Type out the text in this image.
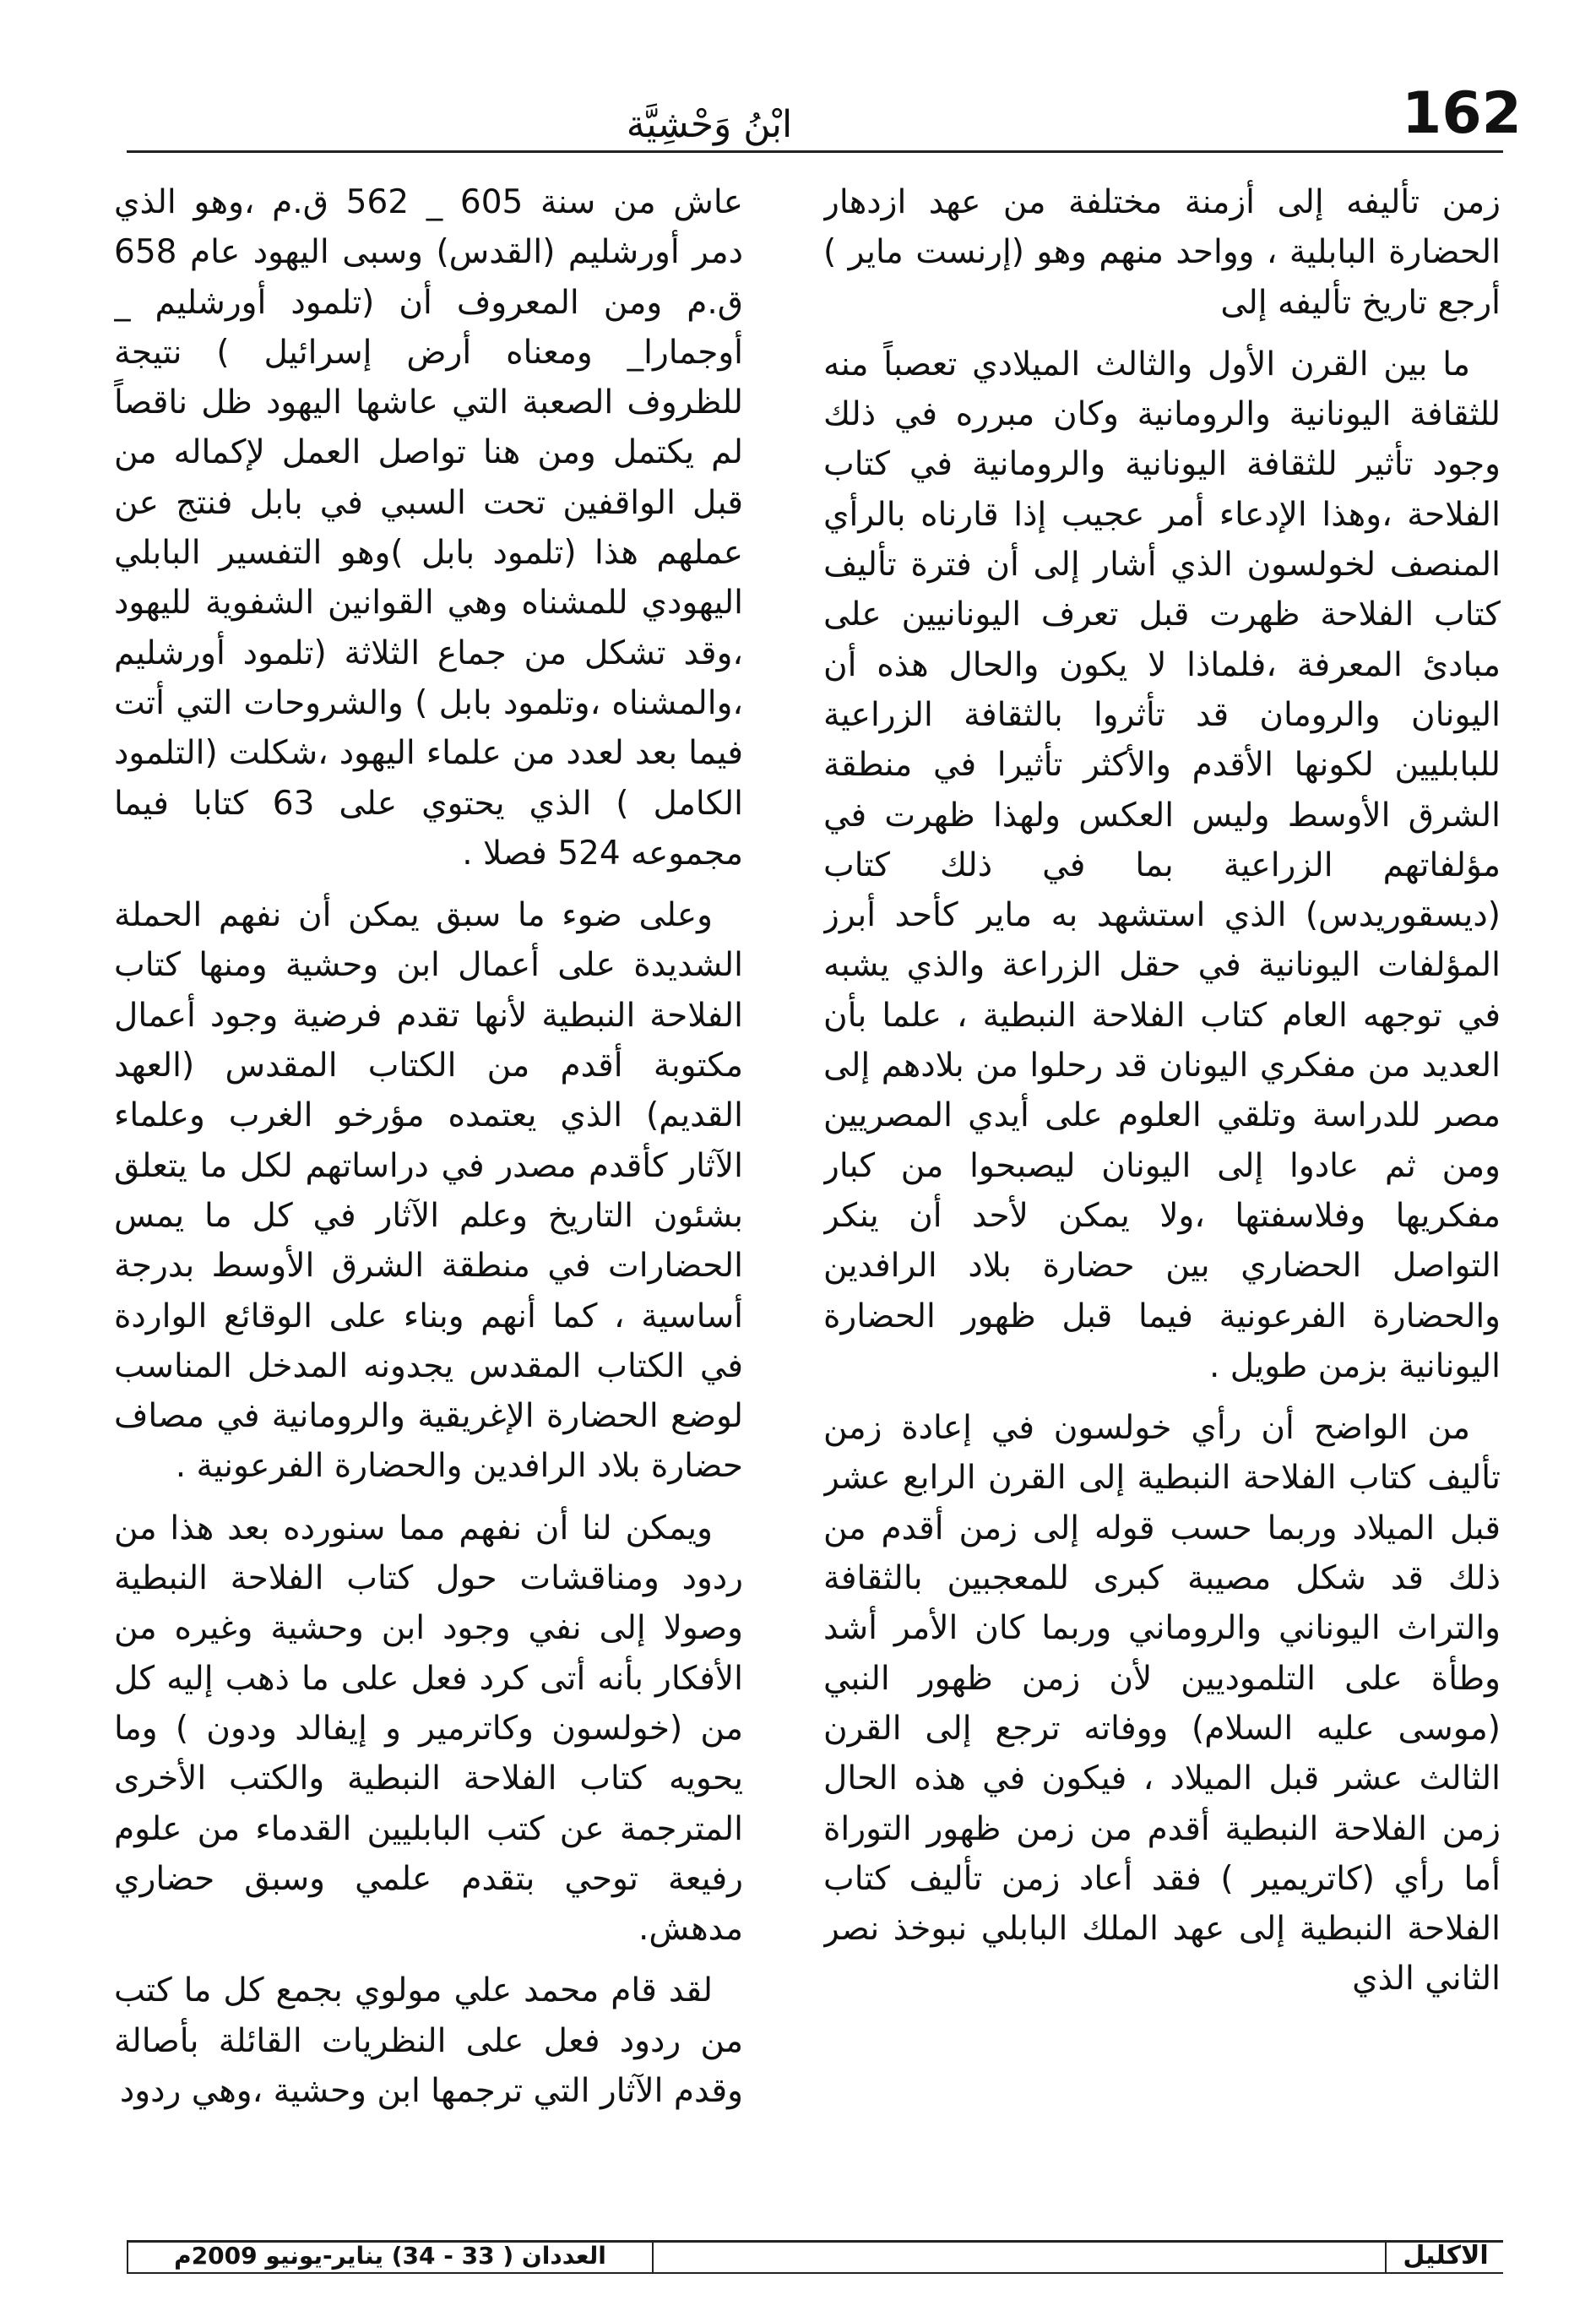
162
ابْنُ وَحْشِيَّة

زمن تأليفه إلى أزمنة مختلفة من عهد ازدهار الحضارة البابلية ، وواحد منهم وهو (إرنست ماير ) أرجع تاريخ تأليفه إلى

ما بين القرن الأول والثالث الميلادي تعصباً منه للثقافة اليونانية والرومانية وكان مبرره في ذلك وجود تأثير للثقافة اليونانية والرومانية في كتاب الفلاحة ،وهذا الإدعاء أمر عجيب إذا قارناه بالرأي المنصف لخولسون الذي أشار إلى أن فترة تأليف كتاب الفلاحة ظهرت قبل تعرف اليونانيين على مبادئ المعرفة ،فلماذا لا يكون والحال هذه أن اليونان والرومان قد تأثروا بالثقافة الزراعية للبابليين لكونها الأقدم والأكثر تأثيرا في منطقة الشرق الأوسط وليس العكس ولهذا ظهرت في مؤلفاتهم الزراعية بما في ذلك كتاب (ديسقوريدس) الذي استشهد به ماير كأحد أبرز المؤلفات اليونانية في حقل الزراعة والذي يشبه في توجهه العام كتاب الفلاحة النبطية ، علما بأن العديد من مفكري اليونان قد رحلوا من بلادهم إلى مصر للدراسة وتلقي العلوم على أيدي المصريين ومن ثم عادوا إلى اليونان ليصبحوا من كبار مفكريها وفلاسفتها ،ولا يمكن لأحد أن ينكر التواصل الحضاري بين حضارة بلاد الرافدين والحضارة الفرعونية فيما قبل ظهور الحضارة اليونانية بزمن طويل .

من الواضح أن رأي خولسون في إعادة زمن تأليف كتاب الفلاحة النبطية إلى القرن الرابع عشر قبل الميلاد وربما حسب قوله إلى زمن أقدم من ذلك قد شكل مصيبة كبرى للمعجبين بالثقافة والتراث اليوناني والروماني وربما كان الأمر أشد وطأة على التلموديين لأن زمن ظهور النبي (موسى عليه السلام) ووفاته ترجع إلى القرن الثالث عشر قبل الميلاد ، فيكون في هذه الحال زمن الفلاحة النبطية أقدم من زمن ظهور التوراة أما رأي (كاتريمير ) فقد أعاد زمن تأليف كتاب الفلاحة النبطية إلى عهد الملك البابلي نبوخذ نصر الثاني الذي

عاش من سنة 605 _ 562 ق.م ،وهو الذي دمر أورشليم (القدس) وسبى اليهود عام 658 ق.م ومن المعروف أن (تلمود أورشليم _ أوجمارا_ ومعناه أرض إسرائيل ) نتيجة للظروف الصعبة التي عاشها اليهود ظل ناقصاً لم يكتمل ومن هنا تواصل العمل لإكماله من قبل الواقفين تحت السبي في بابل فنتج عن عملهم هذا (تلمود بابل )وهو التفسير البابلي اليهودي للمشناه وهي القوانين الشفوية لليهود ،وقد تشكل من جماع الثلاثة (تلمود أورشليم ،والمشناه ،وتلمود بابل ) والشروحات التي أتت فيما بعد لعدد من علماء اليهود ،شكلت (التلمود الكامل ) الذي يحتوي على 63 كتابا فيما مجموعه 524 فصلا .

وعلى ضوء ما سبق يمكن أن نفهم الحملة الشديدة على أعمال ابن وحشية ومنها كتاب الفلاحة النبطية لأنها تقدم فرضية وجود أعمال مكتوبة أقدم من الكتاب المقدس (العهد القديم) الذي يعتمده مؤرخو الغرب وعلماء الآثار كأقدم مصدر في دراساتهم لكل ما يتعلق بشئون التاريخ وعلم الآثار في كل ما يمس الحضارات في منطقة الشرق الأوسط بدرجة أساسية ، كما أنهم وبناء على الوقائع الواردة في الكتاب المقدس يجدونه المدخل المناسب لوضع الحضارة الإغريقية والرومانية في مصاف حضارة بلاد الرافدين والحضارة الفرعونية .

ويمكن لنا أن نفهم مما سنورده بعد هذا من ردود ومناقشات حول كتاب الفلاحة النبطية وصولا إلى نفي وجود ابن وحشية وغيره من الأفكار بأنه أتى كرد فعل على ما ذهب إليه كل من (خولسون وكاترمير و إيفالد ودون ) وما يحويه كتاب الفلاحة النبطية والكتب الأخرى المترجمة عن كتب البابليين القدماء من علوم رفيعة توحي بتقدم علمي وسبق حضاري مدهش.

لقد قام محمد علي مولوي بجمع كل ما كتب من ردود فعل على النظريات القائلة بأصالة وقدم الآثار التي ترجمها ابن وحشية ،وهي ردود

العددان ( 33 - 34) يناير-يونيو 2009م	الاكليل
